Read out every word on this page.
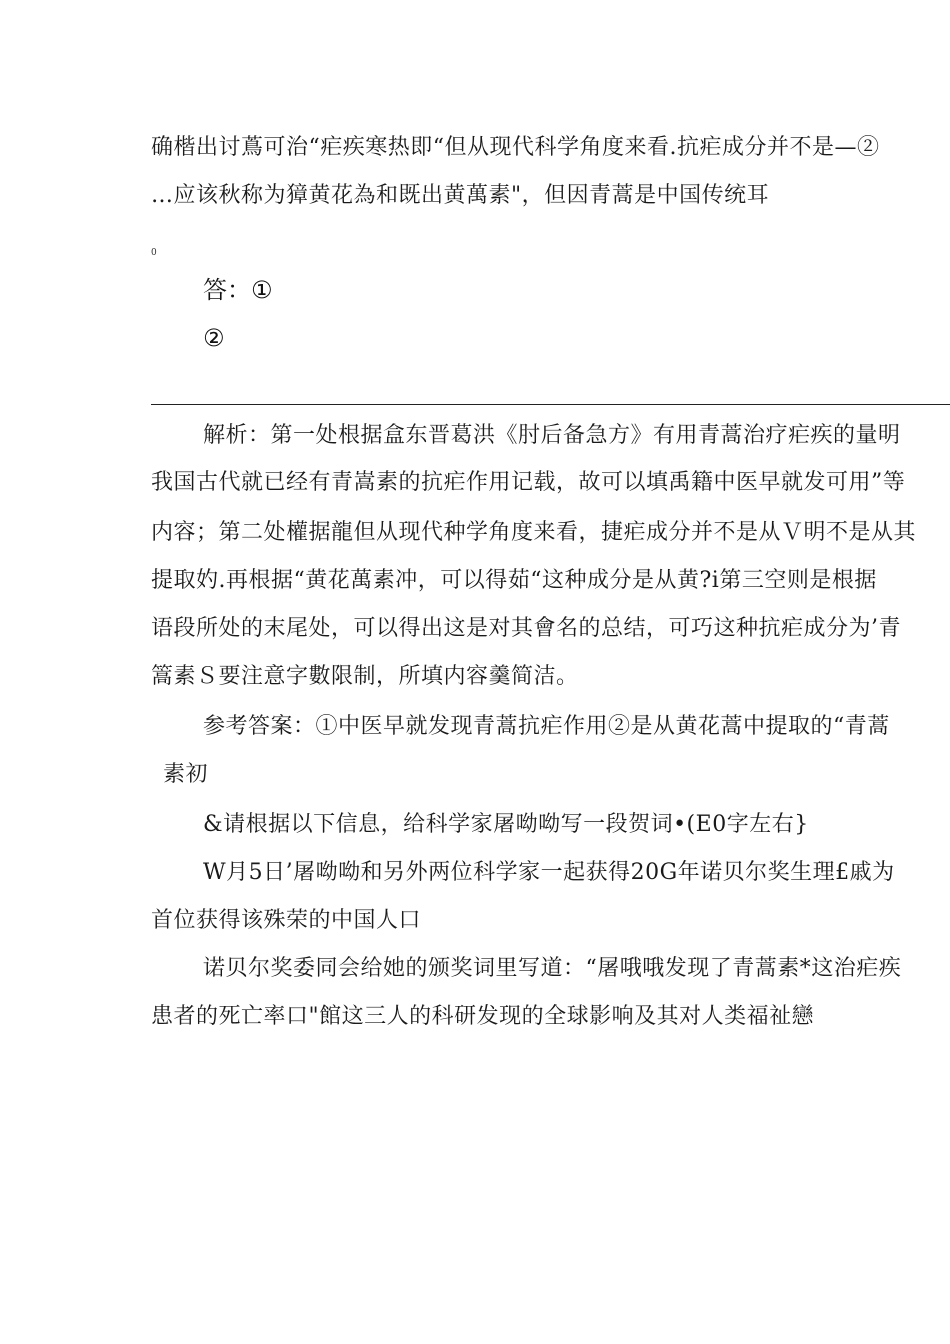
确楷出讨蔦可治“疟疾寒热即“但从现代科学角度来看.抗疟成分并不是—②
…应该秋称为獐黄花為和既出黄萬素"，但因青蒿是中国传统耳
0
答：①
②
解析：第一处根据盒东晋葛洪《肘后备急方》有用青蒿治疗疟疾的量明
我国古代就已经有青嵩素的抗疟作用记载，故可以填禹籍中医早就发可用”等
内容；第二处權据龍但从现代种学角度来看，捷疟成分并不是从Ｖ明不是从其
提取妁.再根据“黄花萬素冲，可以得茹“这种成分是从黄?i第三空则是根据
语段所处的末尾处，可以得出这是对其會名的总结，可巧这种抗疟成分为’青
篙素Ｓ要注意字數限制，所填内容羹简洁。
参考答案：①中医早就发现青蒿抗疟作用②是从黄花蒿中提取的“青蒿
素初
&请根据以下信息，给科学家屠呦呦写一段贺词•(E0字左右}
W月5日’屠呦呦和另外两位科学家一起获得20G年诺贝尔奖生理£戚为
首位获得该殊荣的中国人口
诺贝尔奖委同会给她的颁奖词里写道：“屠哦哦发现了青蒿素*这治疟疾
患者的死亡率口"館这三人的科研发现的全球影响及其对人类福祉戀
